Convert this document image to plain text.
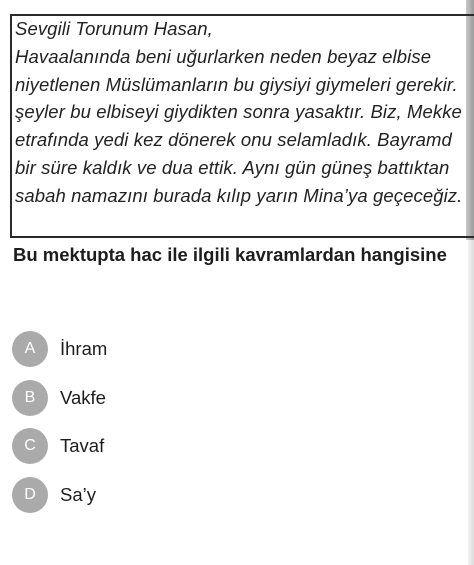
Sevgili Torunum Hasan,
Havaalanında beni uğurlarken neden beyaz elbise
niyetlenen Müslümanların bu giysiyi giymeleri gerekir.
şeyler bu elbiseyi giydikten sonra yasaktır. Biz, Mekke
etrafında yedi kez dönerek onu selamladık. Bayramd
bir süre kaldık ve dua ettik. Aynı gün güneş battıktan
sabah namazını burada kılıp yarın Mina’ya geçeceğiz.
Bu mektupta hac ile ilgili kavramlardan hangisine
A	İhram
B	Vakfe
C	Tavaf
D	Sa’y
